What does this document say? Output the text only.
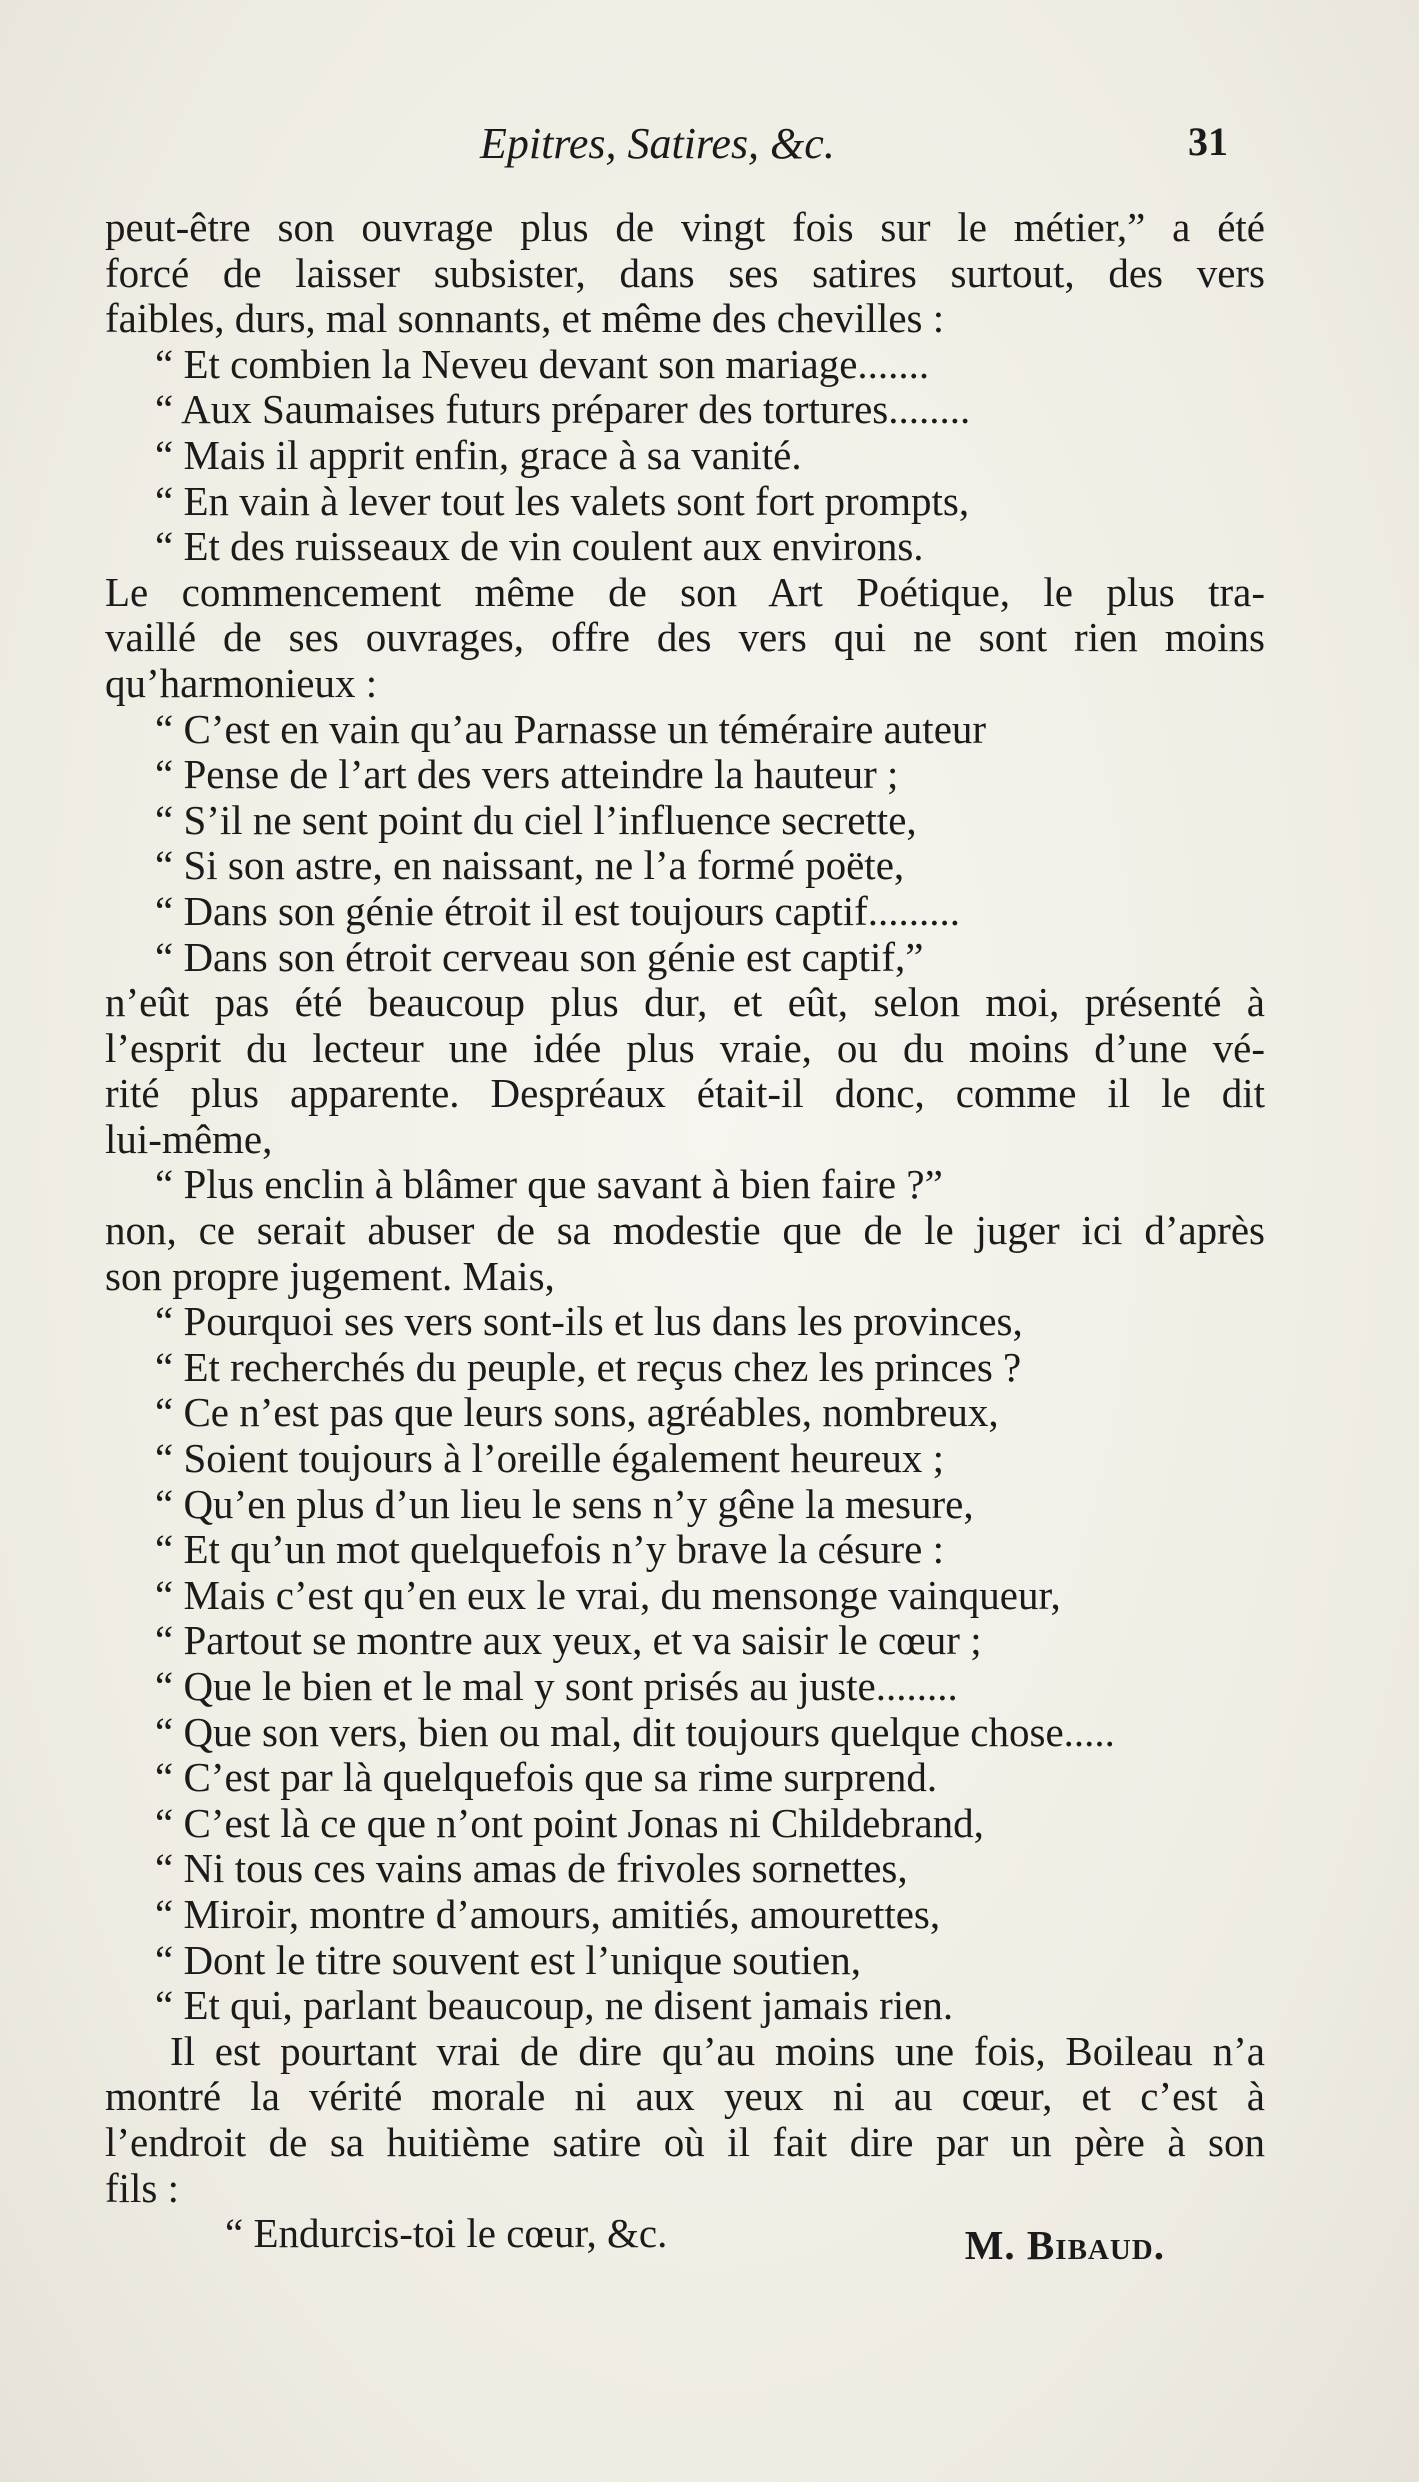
Epitres, Satires, &c.	31
peut-être son ouvrage plus de vingt fois sur le métier,” a été
forcé de laisser subsister, dans ses satires surtout, des vers
faibles, durs, mal sonnants, et même des chevilles :
“ Et combien la Neveu devant son mariage.......
“ Aux Saumaises futurs préparer des tortures........
“ Mais il apprit enfin, grace à sa vanité.
“ En vain à lever tout les valets sont fort prompts,
“ Et des ruisseaux de vin coulent aux environs.
Le commencement même de son Art Poétique, le plus tra-
vaillé de ses ouvrages, offre des vers qui ne sont rien moins
qu’harmonieux :
“ C’est en vain qu’au Parnasse un téméraire auteur
“ Pense de l’art des vers atteindre la hauteur ;
“ S’il ne sent point du ciel l’influence secrette,
“ Si son astre, en naissant, ne l’a formé poëte,
“ Dans son génie étroit il est toujours captif.........
“ Dans son étroit cerveau son génie est captif,”
n’eût pas été beaucoup plus dur, et eût, selon moi, présenté à
l’esprit du lecteur une idée plus vraie, ou du moins d’une vé-
rité plus apparente. Despréaux était-il donc, comme il le dit
lui-même,
“ Plus enclin à blâmer que savant à bien faire ?”
non, ce serait abuser de sa modestie que de le juger ici d’après
son propre jugement. Mais,
“ Pourquoi ses vers sont-ils et lus dans les provinces,
“ Et recherchés du peuple, et reçus chez les princes ?
“ Ce n’est pas que leurs sons, agréables, nombreux,
“ Soient toujours à l’oreille également heureux ;
“ Qu’en plus d’un lieu le sens n’y gêne la mesure,
“ Et qu’un mot quelquefois n’y brave la césure :
“ Mais c’est qu’en eux le vrai, du mensonge vainqueur,
“ Partout se montre aux yeux, et va saisir le cœur ;
“ Que le bien et le mal y sont prisés au juste........
“ Que son vers, bien ou mal, dit toujours quelque chose.....
“ C’est par là quelquefois que sa rime surprend.
“ C’est là ce que n’ont point Jonas ni Childebrand,
“ Ni tous ces vains amas de frivoles sornettes,
“ Miroir, montre d’amours, amitiés, amourettes,
“ Dont le titre souvent est l’unique soutien,
“ Et qui, parlant beaucoup, ne disent jamais rien.
Il est pourtant vrai de dire qu’au moins une fois, Boileau n’a
montré la vérité morale ni aux yeux ni au cœur, et c’est à
l’endroit de sa huitième satire où il fait dire par un père à son
fils :
“ Endurcis-toi le cœur, &c.	M. Bibaud.
